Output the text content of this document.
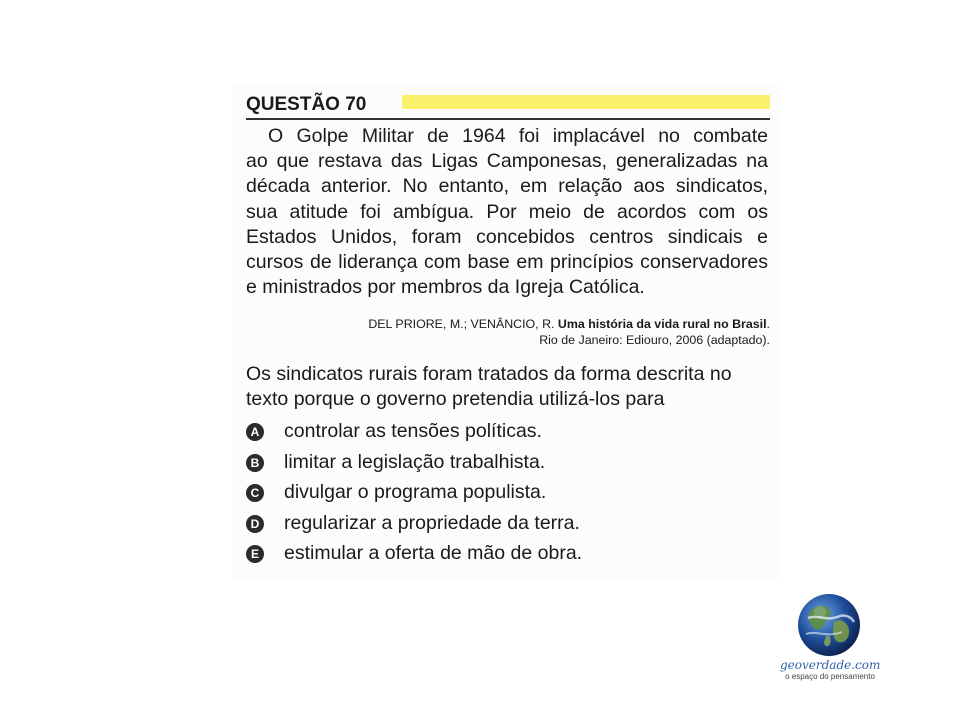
QUESTÃO 70

O Golpe Militar de 1964 foi implacável no combate
ao que restava das Ligas Camponesas, generalizadas na
década anterior. No entanto, em relação aos sindicatos,
sua atitude foi ambígua. Por meio de acordos com os
Estados Unidos, foram concebidos centros sindicais e
cursos de liderança com base em princípios conservadores
e ministrados por membros da Igreja Católica.

DEL PRIORE, M.; VENÂNCIO, R. Uma história da vida rural no Brasil.
Rio de Janeiro: Ediouro, 2006 (adaptado).

Os sindicatos rurais foram tratados da forma descrita no
texto porque o governo pretendia utilizá-los para

A controlar as tensões políticas.
B limitar a legislação trabalhista.
C divulgar o programa populista.
D regularizar a propriedade da terra.
E estimular a oferta de mão de obra.
geoverdade.com
o espaço do pensamento
